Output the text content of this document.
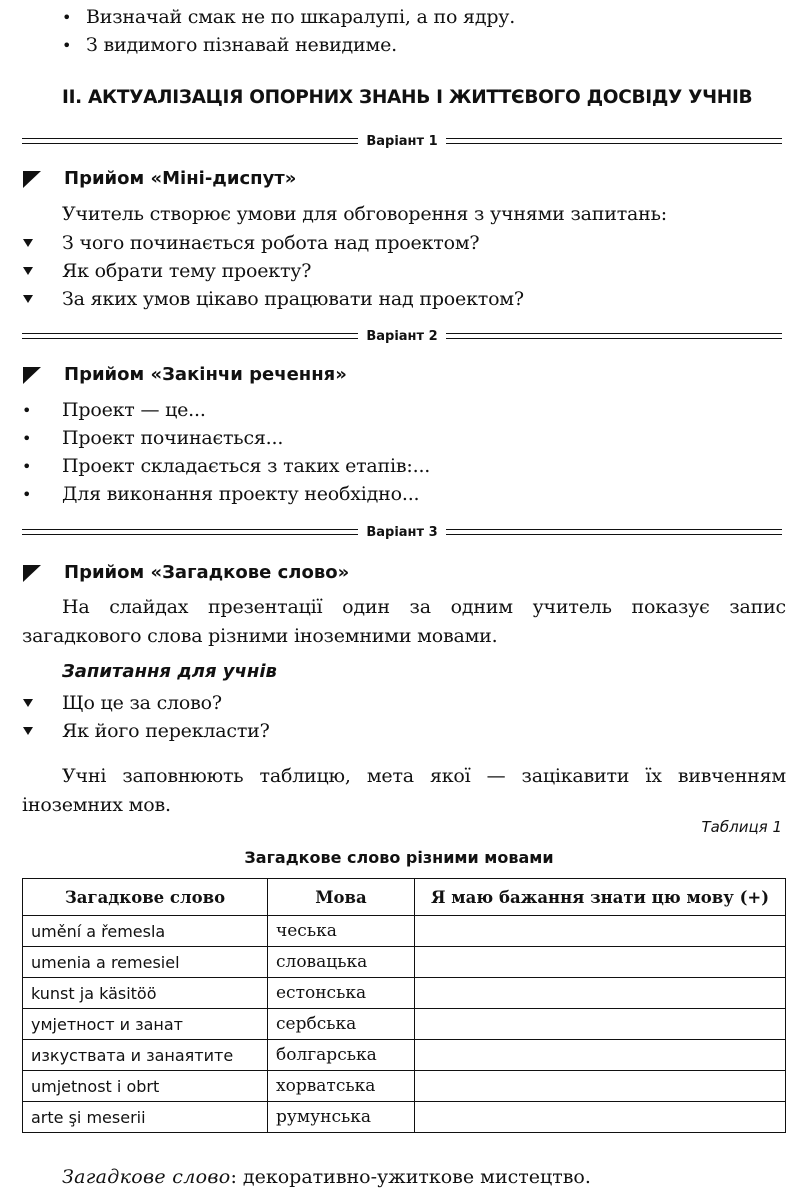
• Визначай смак не по шкаралупі, а по ядру.
• З видимого пізнавай невидиме.
ІІ. АКТУАЛІЗАЦІЯ ОПОРНИХ ЗНАНЬ І ЖИТТЄВОГО ДОСВІДУ УЧНІВ
Варіант 1
Прийом «Міні-диспут»
Учитель створює умови для обговорення з учнями запитань:
З чого починається робота над проектом?
Як обрати тему проекту?
За яких умов цікаво працювати над проектом?
Варіант 2
Прийом «Закінчи речення»
• Проект — це...
• Проект починається...
• Проект складається з таких етапів:...
• Для виконання проекту необхідно...
Варіант 3
Прийом «Загадкове слово»
На слайдах презентації один за одним учитель показує запис загадкового слова різними іноземними мовами.
Запитання для учнів
Що це за слово?
Як його перекласти?
Учні заповнюють таблицю, мета якої — зацікавити їх вивченням іноземних мов.
Таблиця 1
Загадкове слово різними мовами
Загадкове слово	Мова	Я маю бажання знати цю мову (+)
umění a řemesla	чеська	
umenia a remesiel	словацька	
kunst ja käsitöö	естонська	
умјетност и занат	сербська	
изкуствата и занаятите	болгарська	
umjetnost i obrt	хорватська	
arte şi meserii	румунська	
Загадкове слово: декоративно-ужиткове мистецтво.
